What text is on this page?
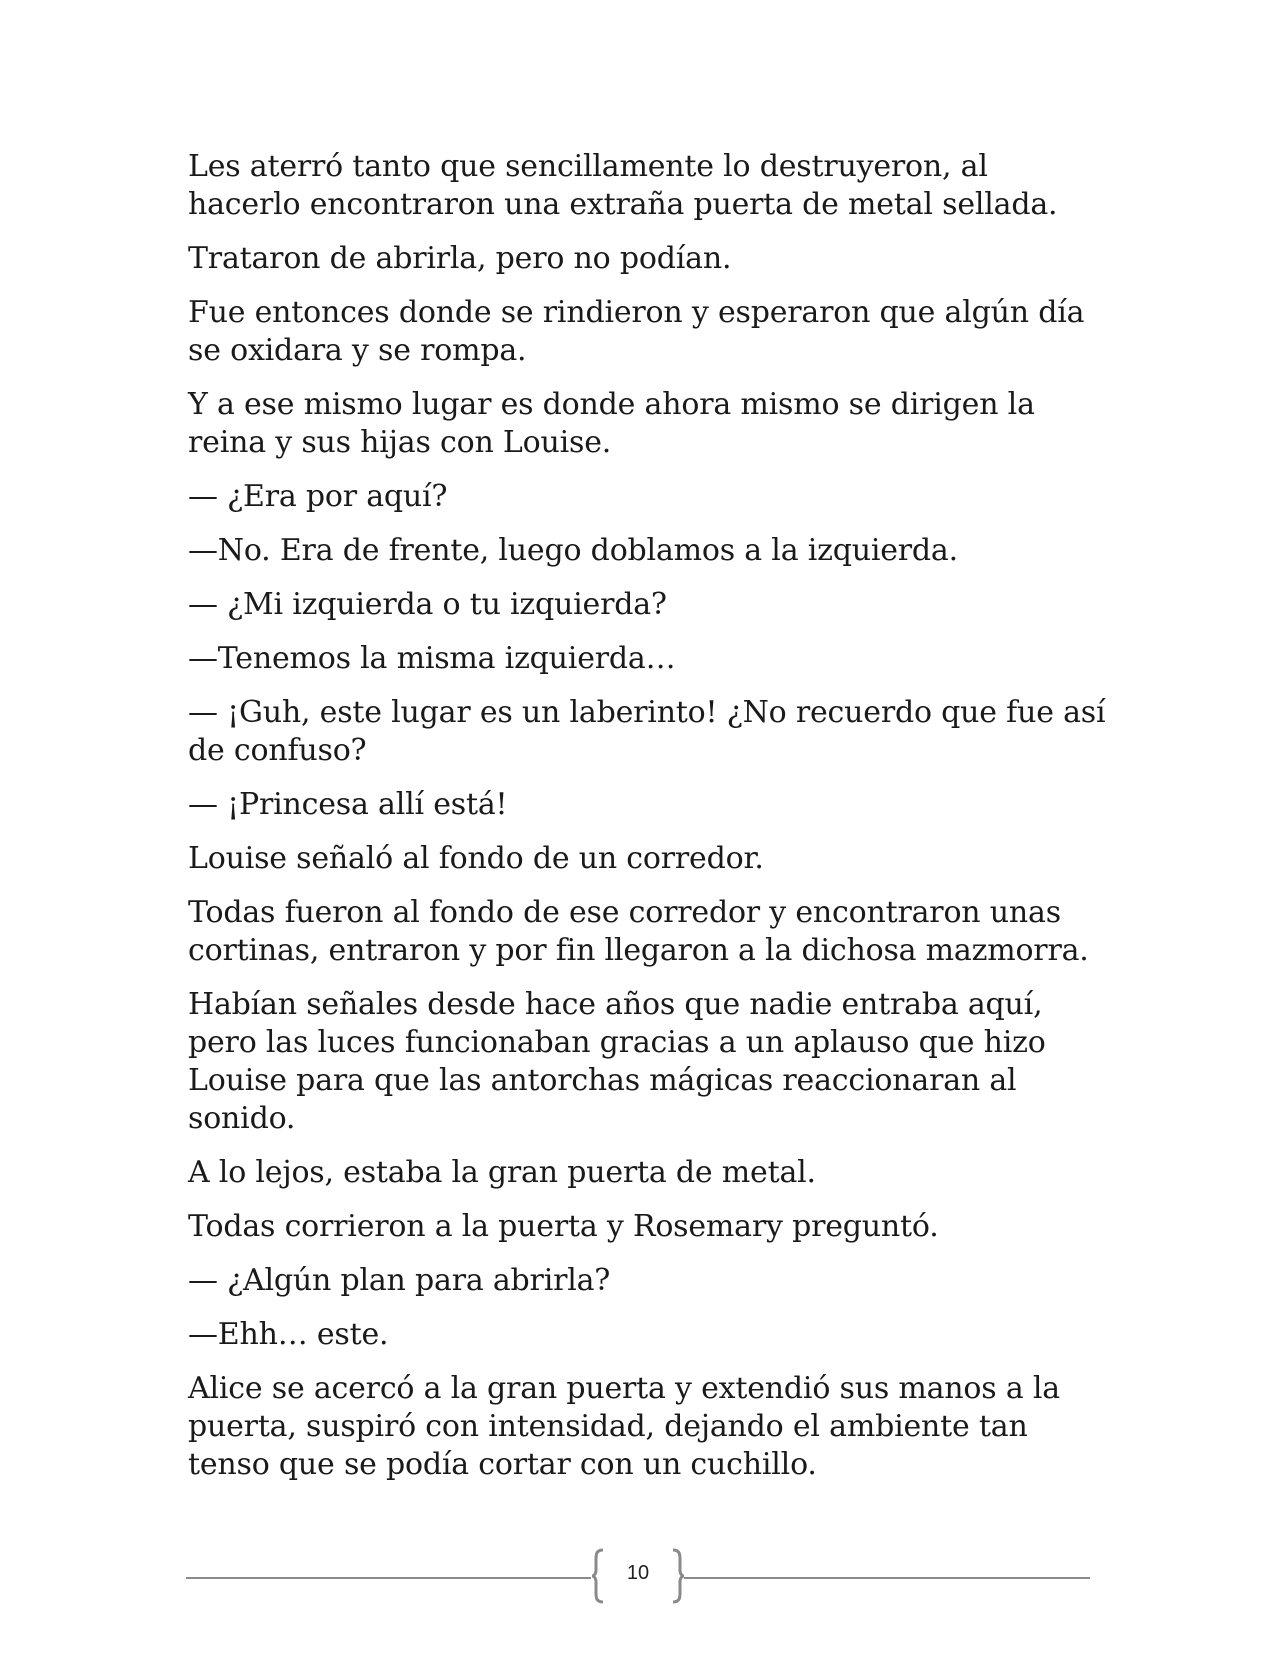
Les aterró tanto que sencillamente lo destruyeron, al hacerlo encontraron una extraña puerta de metal sellada.

Trataron de abrirla, pero no podían.

Fue entonces donde se rindieron y esperaron que algún día se oxidara y se rompa.

Y a ese mismo lugar es donde ahora mismo se dirigen la reina y sus hijas con Louise.

— ¿Era por aquí?

—No. Era de frente, luego doblamos a la izquierda.

— ¿Mi izquierda o tu izquierda?

—Tenemos la misma izquierda…

— ¡Guh, este lugar es un laberinto! ¿No recuerdo que fue así de confuso?

— ¡Princesa allí está!

Louise señaló al fondo de un corredor.

Todas fueron al fondo de ese corredor y encontraron unas cortinas, entraron y por fin llegaron a la dichosa mazmorra.

Habían señales desde hace años que nadie entraba aquí, pero las luces funcionaban gracias a un aplauso que hizo Louise para que las antorchas mágicas reaccionaran al sonido.

A lo lejos, estaba la gran puerta de metal.

Todas corrieron a la puerta y Rosemary preguntó.

— ¿Algún plan para abrirla?

—Ehh… este.

Alice se acercó a la gran puerta y extendió sus manos a la puerta, suspiró con intensidad, dejando el ambiente tan tenso que se podía cortar con un cuchillo.

10
